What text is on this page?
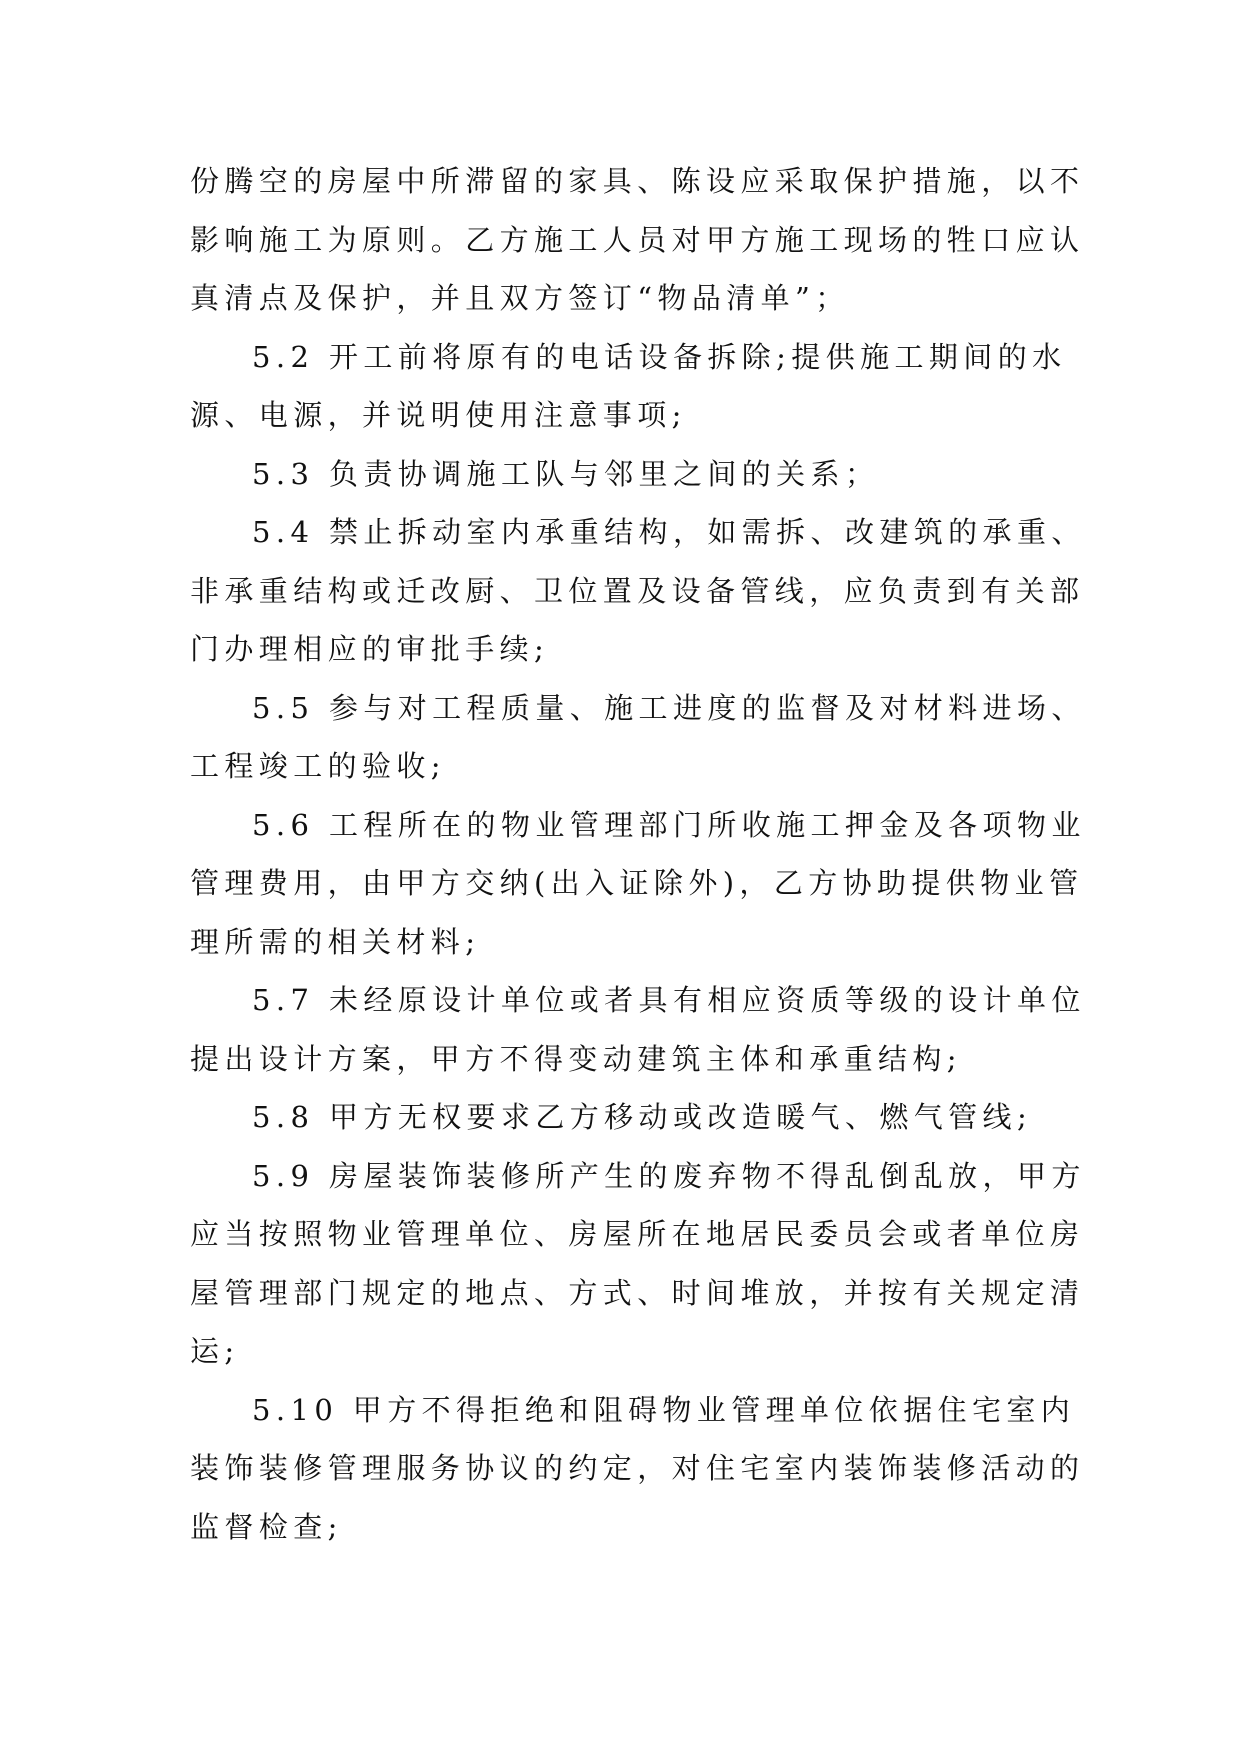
份腾空的房屋中所滞留的家具、陈设应采取保护措施，以不
影响施工为原则。乙方施工人员对甲方施工现场的牲口应认
真清点及保护，并且双方签订“物品清单”；
5.2 开工前将原有的电话设备拆除;提供施工期间的水
源、电源，并说明使用注意事项;
5.3 负责协调施工队与邻里之间的关系；
5.4 禁止拆动室内承重结构，如需拆、改建筑的承重、
非承重结构或迁改厨、卫位置及设备管线，应负责到有关部
门办理相应的审批手续;
5.5 参与对工程质量、施工进度的监督及对材料进场、
工程竣工的验收;
5.6 工程所在的物业管理部门所收施工押金及各项物业
管理费用，由甲方交纳(出入证除外)，乙方协助提供物业管
理所需的相关材料;
5.7 未经原设计单位或者具有相应资质等级的设计单位
提出设计方案，甲方不得变动建筑主体和承重结构;
5.8 甲方无权要求乙方移动或改造暖气、燃气管线;
5.9 房屋装饰装修所产生的废弃物不得乱倒乱放，甲方
应当按照物业管理单位、房屋所在地居民委员会或者单位房
屋管理部门规定的地点、方式、时间堆放，并按有关规定清
运;
5.10 甲方不得拒绝和阻碍物业管理单位依据住宅室内
装饰装修管理服务协议的约定，对住宅室内装饰装修活动的
监督检查;
